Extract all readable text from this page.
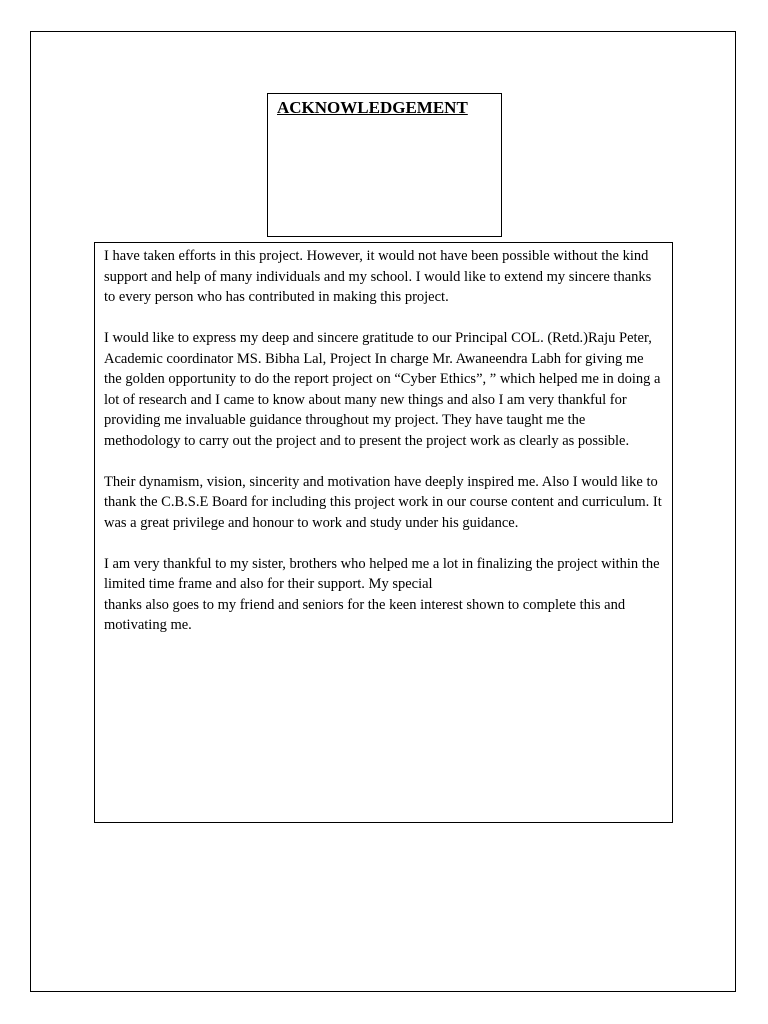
ACKNOWLEDGEMENT

I have taken efforts in this project. However, it would not have been possible without the kind support and help of many individuals and my school. I would like to extend my sincere thanks to every person who has contributed in making this project.

I would like to express my deep and sincere gratitude to our Principal COL. (Retd.)Raju Peter, Academic coordinator MS. Bibha Lal, Project In charge Mr. Awaneendra Labh for giving me the golden opportunity to do the report project on “Cyber Ethics”, ” which helped me in doing a lot of research and I came to know about many new things and also I am very thankful for providing me invaluable guidance throughout my project. They have taught me the methodology to carry out the project and to present the project work as clearly as possible.

Their dynamism, vision, sincerity and motivation have deeply inspired me. Also I would like to thank the C.B.S.E Board for including this project work in our course content and curriculum. It was a great privilege and honour to work and study under his guidance.

I am very thankful to my sister, brothers who helped me a lot in finalizing the project within the limited time frame and also for their support. My special

thanks also goes to my friend and seniors for the keen interest shown to complete this and motivating me.
